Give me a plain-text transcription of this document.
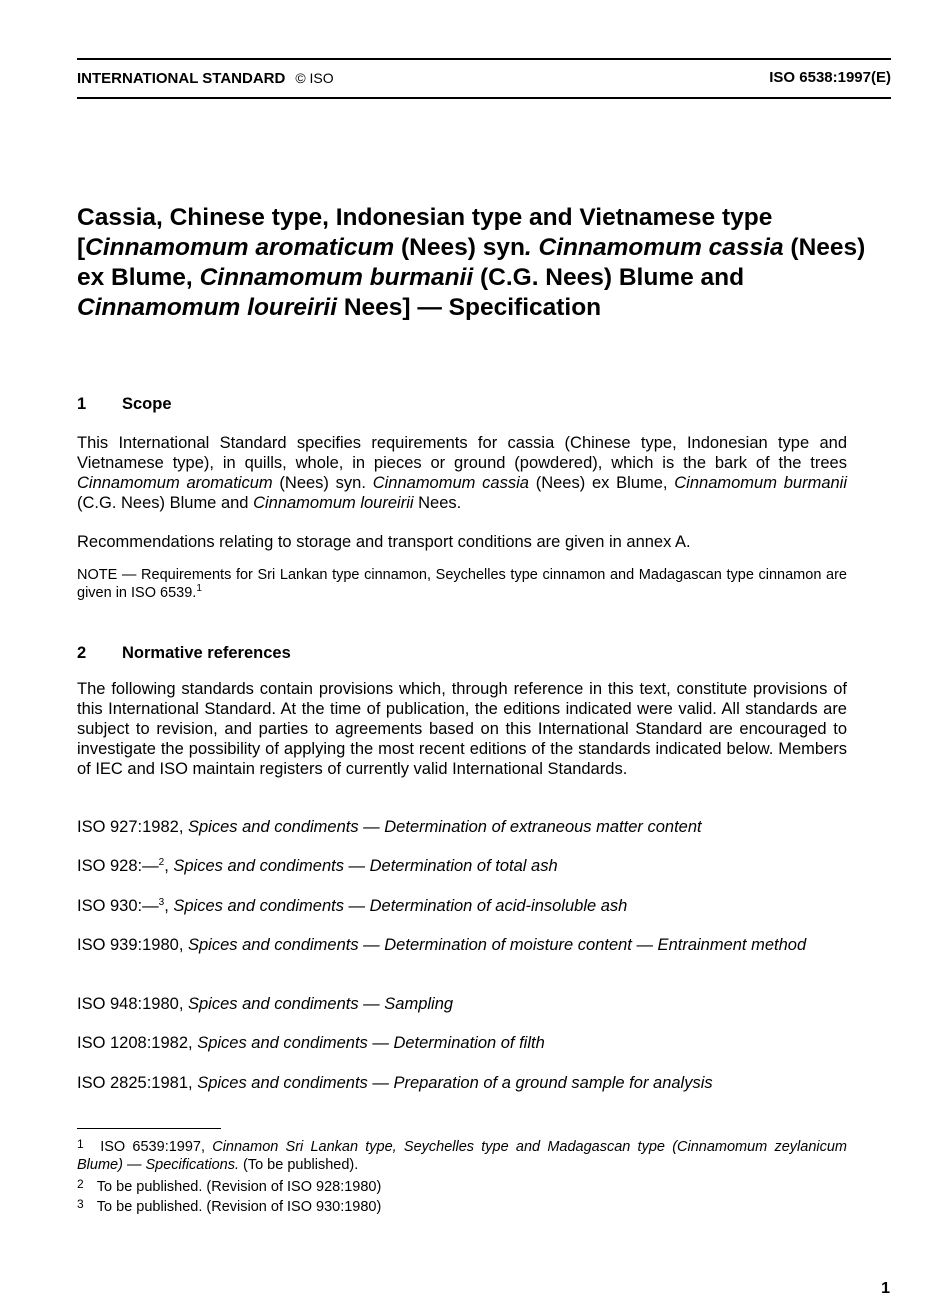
INTERNATIONAL STANDARD © ISO	ISO 6538:1997(E)
Cassia, Chinese type, Indonesian type and Vietnamese type [Cinnamomum aromaticum (Nees) syn. Cinnamomum cassia (Nees) ex Blume, Cinnamomum burmanii (C.G. Nees) Blume and Cinnamomum loureirii Nees] — Specification
1 Scope

This International Standard specifies requirements for cassia (Chinese type, Indonesian type and Vietnamese type), in quills, whole, in pieces or ground (powdered), which is the bark of the trees Cinnamomum aromaticum (Nees) syn. Cinnamomum cassia (Nees) ex Blume, Cinnamomum burmanii (C.G. Nees) Blume and Cinnamomum loureirii Nees.

Recommendations relating to storage and transport conditions are given in annex A.

NOTE — Requirements for Sri Lankan type cinnamon, Seychelles type cinnamon and Madagascan type cinnamon are given in ISO 6539.$^1$

2 Normative references

The following standards contain provisions which, through reference in this text, constitute provisions of this International Standard. At the time of publication, the editions indicated were valid. All standards are subject to revision, and parties to agreements based on this International Standard are encouraged to investigate the possibility of applying the most recent editions of the standards indicated below. Members of IEC and ISO maintain registers of currently valid International Standards.

ISO 927:1982, Spices and condiments — Determination of extraneous matter content

ISO 928:—$^2$, Spices and condiments — Determination of total ash

ISO 930:—$^3$, Spices and condiments — Determination of acid-insoluble ash

ISO 939:1980, Spices and condiments — Determination of moisture content — Entrainment method

ISO 948:1980, Spices and condiments — Sampling

ISO 1208:1982, Spices and condiments — Determination of filth

ISO 2825:1981, Spices and condiments — Preparation of a ground sample for analysis

1 ISO 6539:1997, Cinnamon Sri Lankan type, Seychelles type and Madagascan type (Cinnamomum zeylanicum Blume) — Specifications. (To be published).

2 To be published. (Revision of ISO 928:1980)

3 To be published. (Revision of ISO 930:1980)

1
